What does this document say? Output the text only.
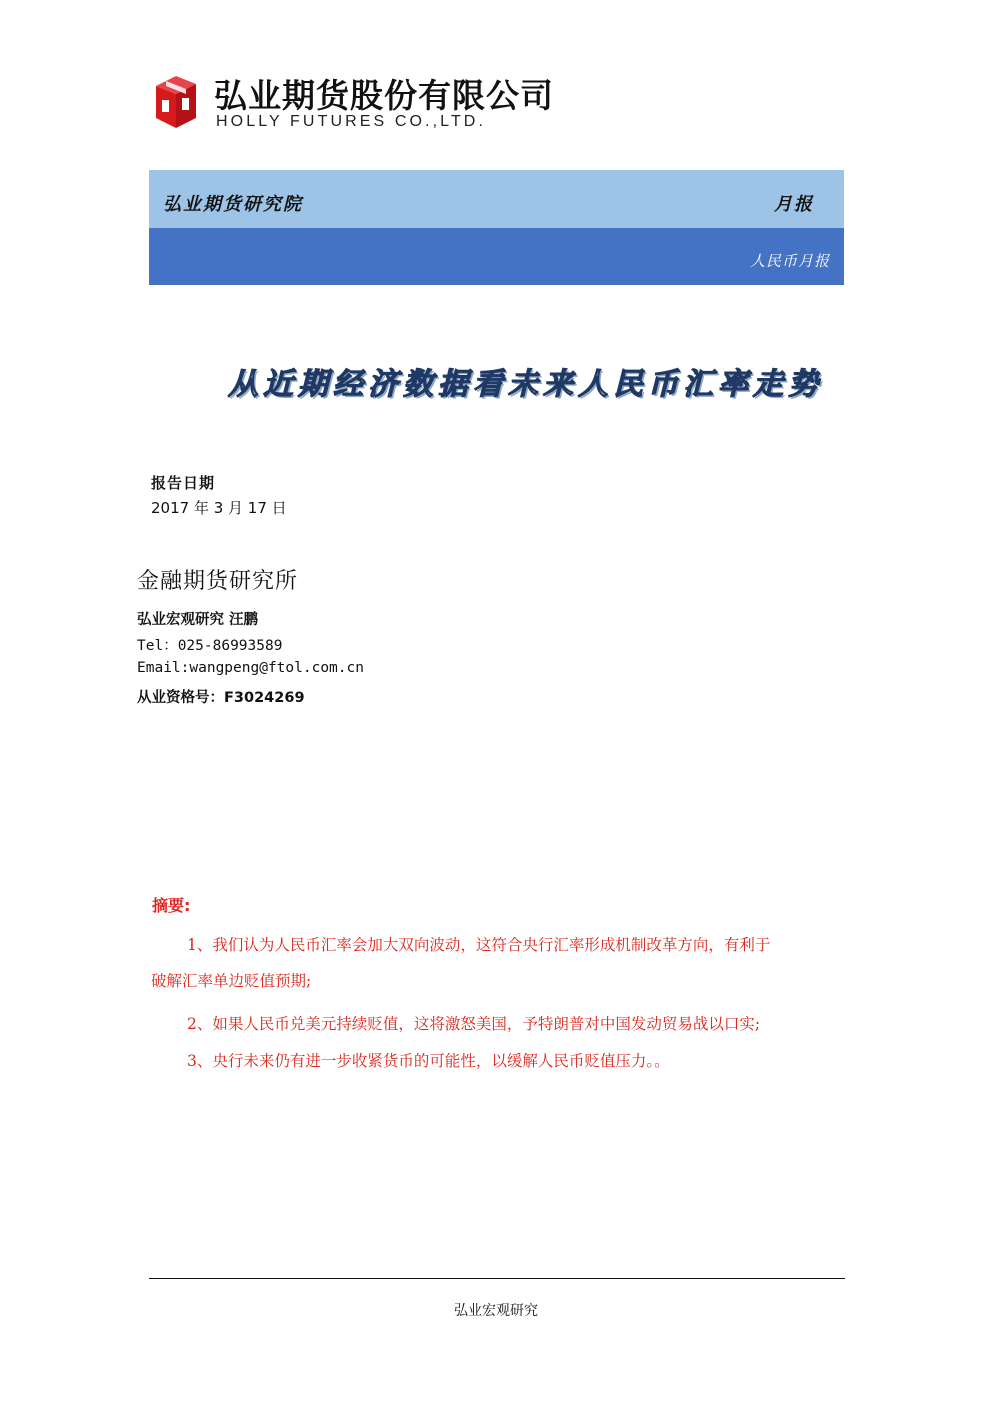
弘业期货股份有限公司
HOLLY FUTURES CO.,LTD.
弘业期货研究院	月报
人民币月报
从近期经济数据看未来人民币汇率走势
报告日期
2017 年 3 月 17 日
金融期货研究所
弘业宏观研究 汪鹏
Tel：025-86993589
Email:wangpeng@ftol.com.cn
从业资格号：F3024269
摘要:
1、我们认为人民币汇率会加大双向波动，这符合央行汇率形成机制改革方向，有利于
破解汇率单边贬值预期;
2、如果人民币兑美元持续贬值，这将激怒美国，予特朗普对中国发动贸易战以口实;
3、央行未来仍有进一步收紧货币的可能性，以缓解人民币贬值压力。。
弘业宏观研究
